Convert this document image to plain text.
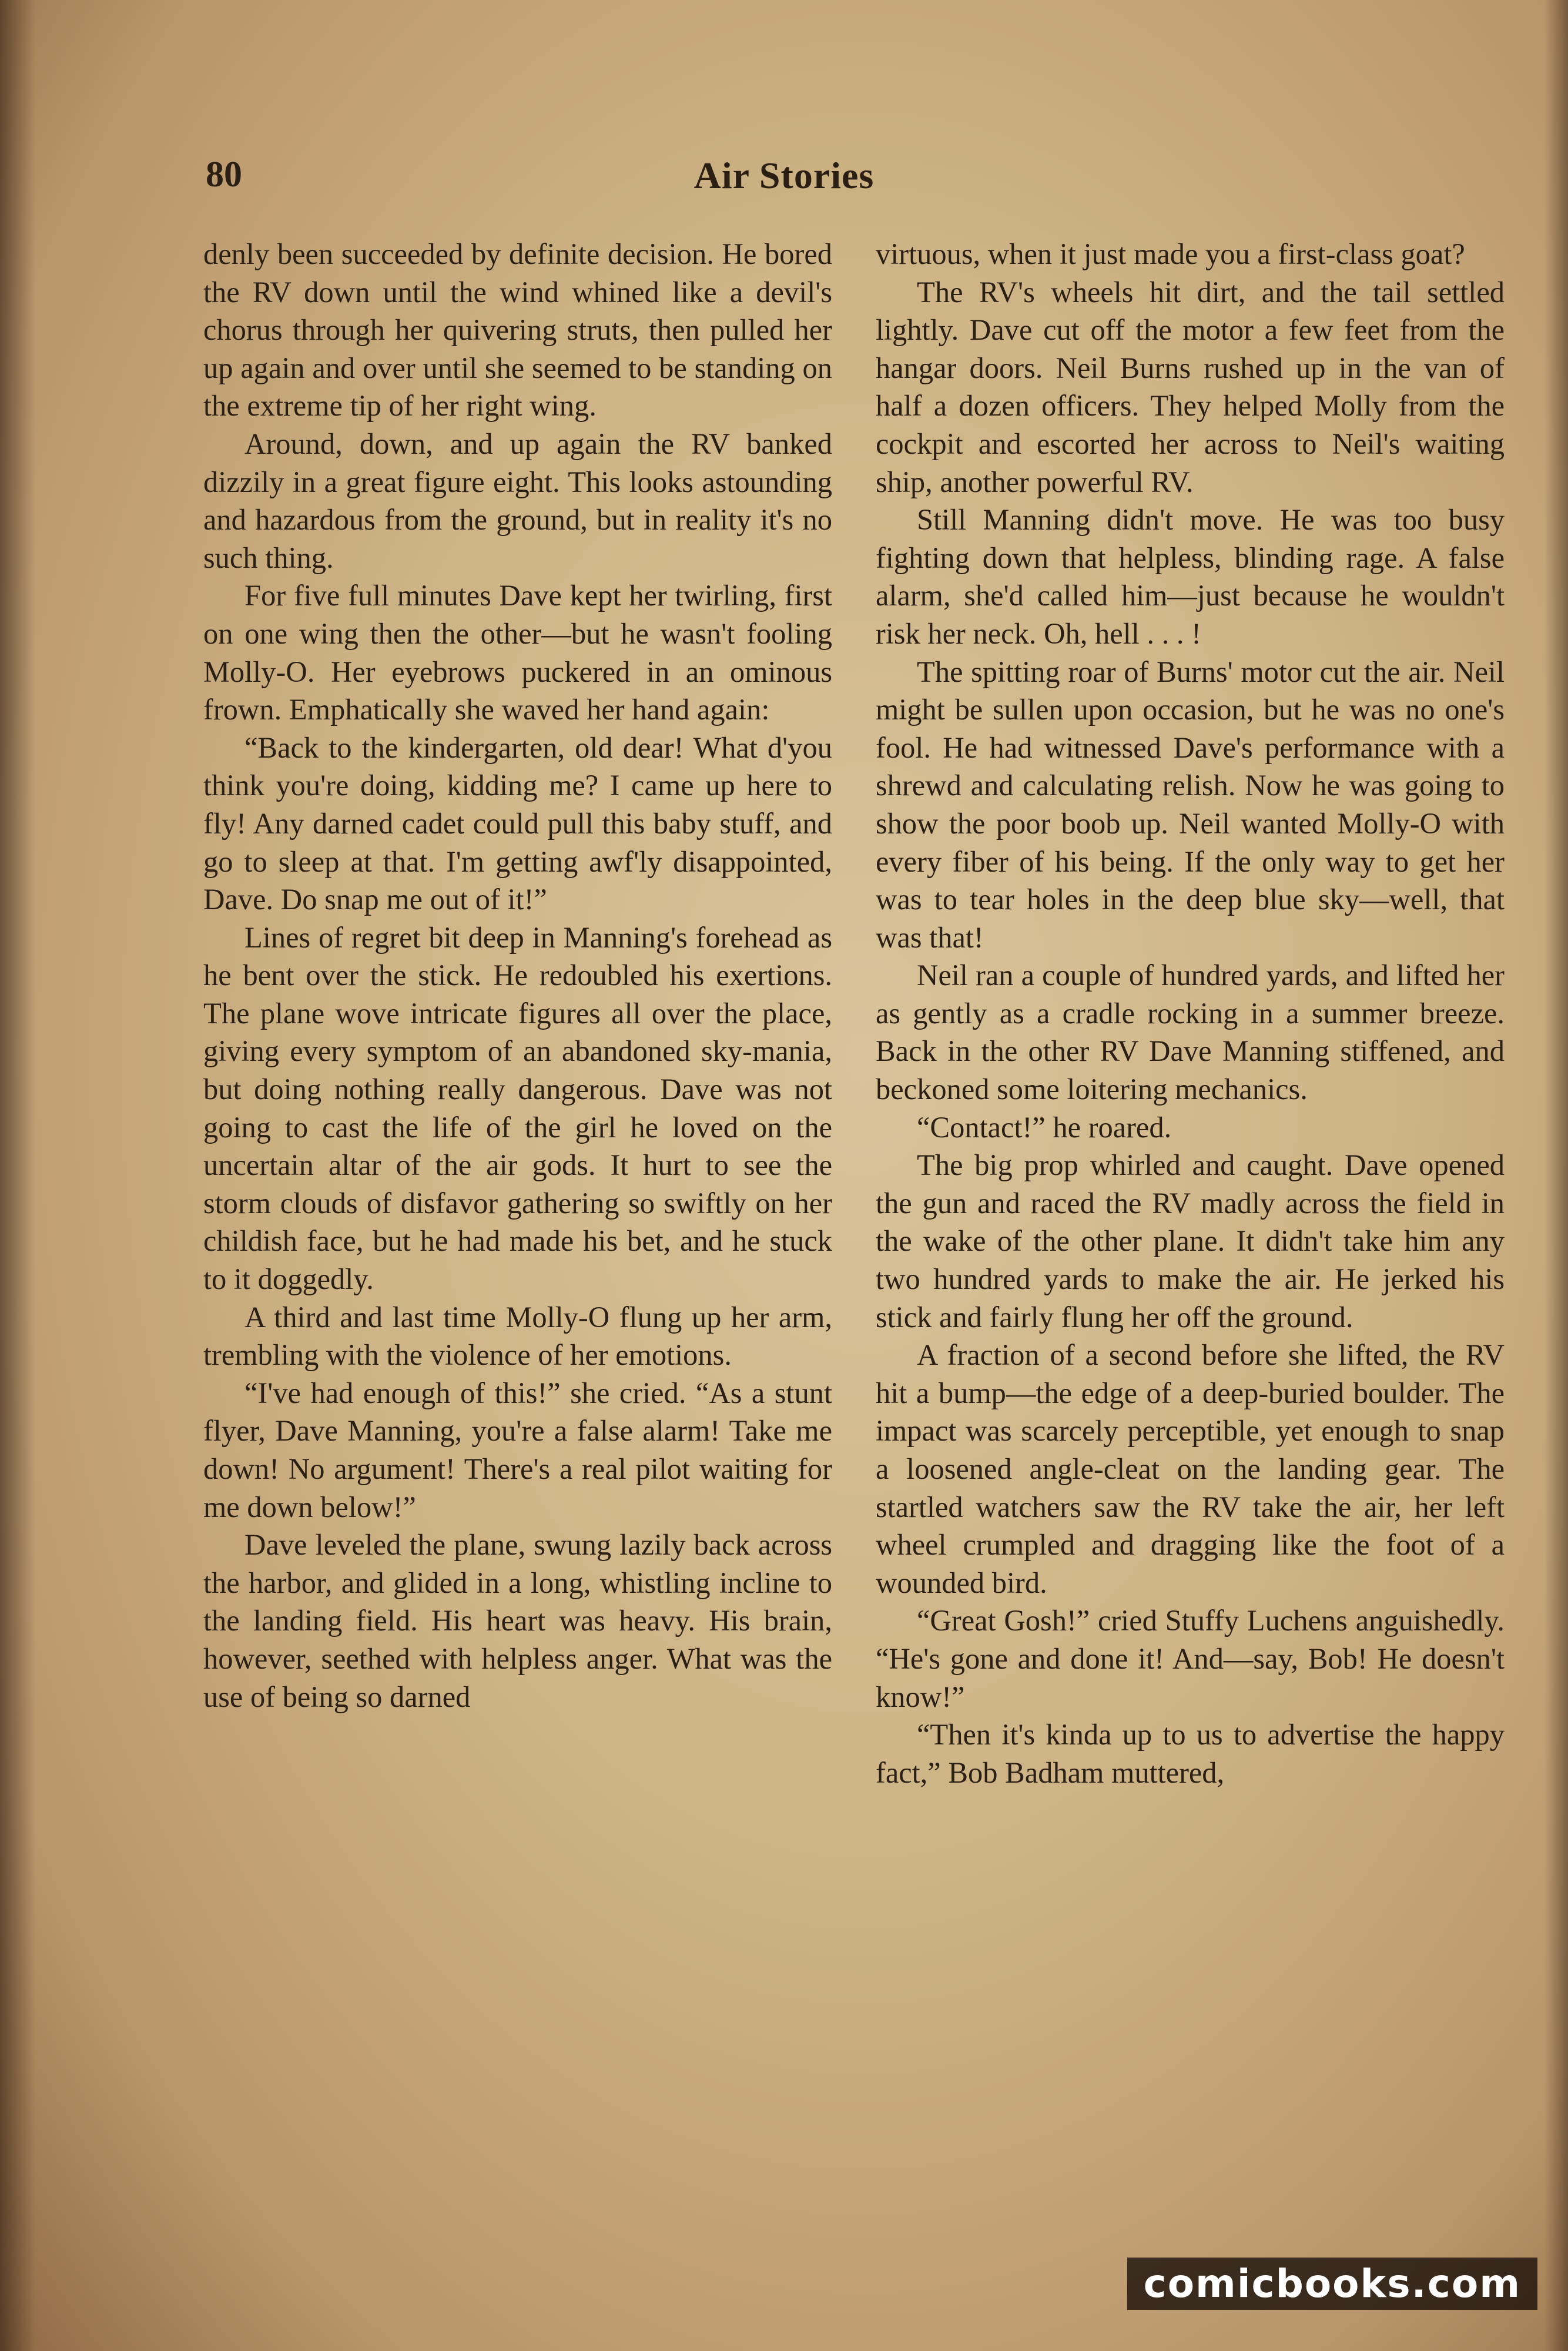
80	Air Stories

denly been succeeded by definite decision. He bored the RV down until the wind whined like a devil's chorus through her quivering struts, then pulled her up again and over until she seemed to be standing on the extreme tip of her right wing.

Around, down, and up again the RV banked dizzily in a great figure eight. This looks astounding and hazardous from the ground, but in reality it's no such thing.

For five full minutes Dave kept her twirling, first on one wing then the other—but he wasn't fooling Molly-O. Her eyebrows puckered in an ominous frown. Emphatically she waved her hand again:

“Back to the kindergarten, old dear! What d'you think you're doing, kidding me? I came up here to fly! Any darned cadet could pull this baby stuff, and go to sleep at that. I'm getting awf'ly disappointed, Dave. Do snap me out of it!”

Lines of regret bit deep in Manning's forehead as he bent over the stick. He redoubled his exertions. The plane wove intricate figures all over the place, giving every symptom of an abandoned sky-mania, but doing nothing really dangerous. Dave was not going to cast the life of the girl he loved on the uncertain altar of the air gods. It hurt to see the storm clouds of disfavor gathering so swiftly on her childish face, but he had made his bet, and he stuck to it doggedly.

A third and last time Molly-O flung up her arm, trembling with the violence of her emotions.

“I've had enough of this!” she cried. “As a stunt flyer, Dave Manning, you're a false alarm! Take me down! No argument! There's a real pilot waiting for me down below!”

Dave leveled the plane, swung lazily back across the harbor, and glided in a long, whistling incline to the landing field. His heart was heavy. His brain, however, seethed with helpless anger. What was the use of being so darned

virtuous, when it just made you a first-class goat?

The RV's wheels hit dirt, and the tail settled lightly. Dave cut off the motor a few feet from the hangar doors. Neil Burns rushed up in the van of half a dozen officers. They helped Molly from the cockpit and escorted her across to Neil's waiting ship, another powerful RV.

Still Manning didn't move. He was too busy fighting down that helpless, blinding rage. A false alarm, she'd called him—just because he wouldn't risk her neck. Oh, hell . . . !

The spitting roar of Burns' motor cut the air. Neil might be sullen upon occasion, but he was no one's fool. He had witnessed Dave's performance with a shrewd and calculating relish. Now he was going to show the poor boob up. Neil wanted Molly-O with every fiber of his being. If the only way to get her was to tear holes in the deep blue sky—well, that was that!

Neil ran a couple of hundred yards, and lifted her as gently as a cradle rocking in a summer breeze. Back in the other RV Dave Manning stiffened, and beckoned some loitering mechanics.

“Contact!” he roared.

The big prop whirled and caught. Dave opened the gun and raced the RV madly across the field in the wake of the other plane. It didn't take him any two hundred yards to make the air. He jerked his stick and fairly flung her off the ground.

A fraction of a second before she lifted, the RV hit a bump—the edge of a deep-buried boulder. The impact was scarcely perceptible, yet enough to snap a loosened angle-cleat on the landing gear. The startled watchers saw the RV take the air, her left wheel crumpled and dragging like the foot of a wounded bird.

“Great Gosh!” cried Stuffy Luchens anguishedly. “He's gone and done it! And—say, Bob! He doesn't know!”

“Then it's kinda up to us to advertise the happy fact,” Bob Badham muttered,

comicbooks.com
